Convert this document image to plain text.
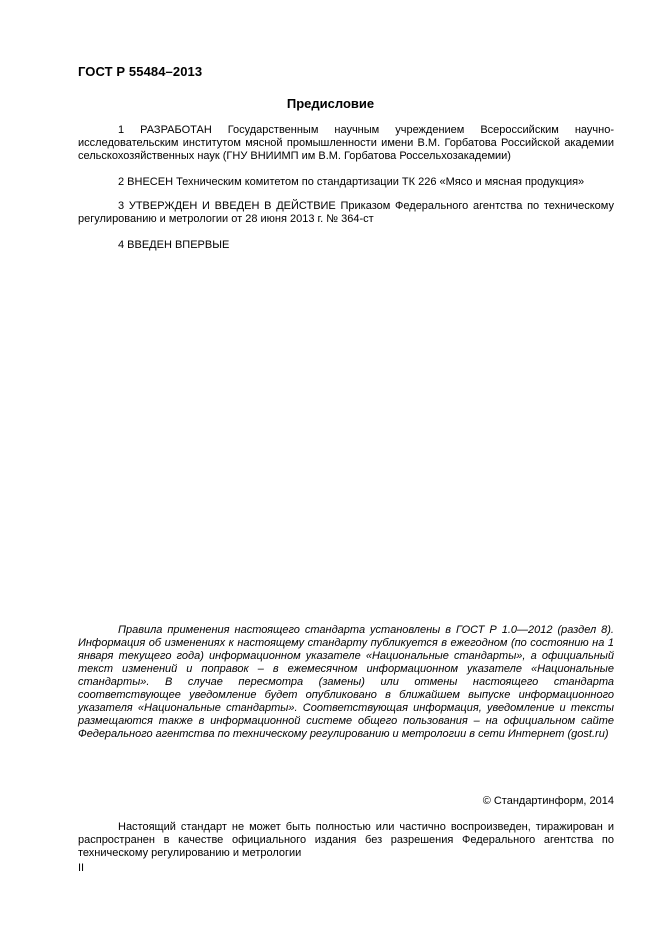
ГОСТ Р 55484–2013
Предисловие

1 РАЗРАБОТАН Государственным научным учреждением Всероссийским научно-исследовательским институтом мясной промышленности имени В.М. Горбатова Российской академии сельскохозяйственных наук (ГНУ ВНИИМП им В.М. Горбатова Россельхозакадемии)

2 ВНЕСЕН Техническим комитетом по стандартизации ТК 226 «Мясо и мясная продукция»

3 УТВЕРЖДЕН И ВВЕДЕН В ДЕЙСТВИЕ Приказом Федерального агентства по техническому регулированию и метрологии от 28 июня 2013 г. № 364-ст

4 ВВЕДЕН ВПЕРВЫЕ

Правила применения настоящего стандарта установлены в ГОСТ Р 1.0—2012 (раздел 8). Информация об изменениях к настоящему стандарту публикуется в ежегодном (по состоянию на 1 января текущего года) информационном указателе «Национальные стандарты», а официальный текст изменений и поправок – в ежемесячном информационном указателе «Национальные стандарты». В случае пересмотра (замены) или отмены настоящего стандарта соответствующее уведомление будет опубликовано в ближайшем выпуске информационного указателя «Национальные стандарты». Соответствующая информация, уведомление и тексты размещаются также в информационной системе общего пользования – на официальном сайте Федерального агентства по техническому регулированию и метрологии в сети Интернет (gost.ru)

© Стандартинформ, 2014

Настоящий стандарт не может быть полностью или частично воспроизведен, тиражирован и распространен в качестве официального издания без разрешения Федерального агентства по техническому регулированию и метрологии

II
